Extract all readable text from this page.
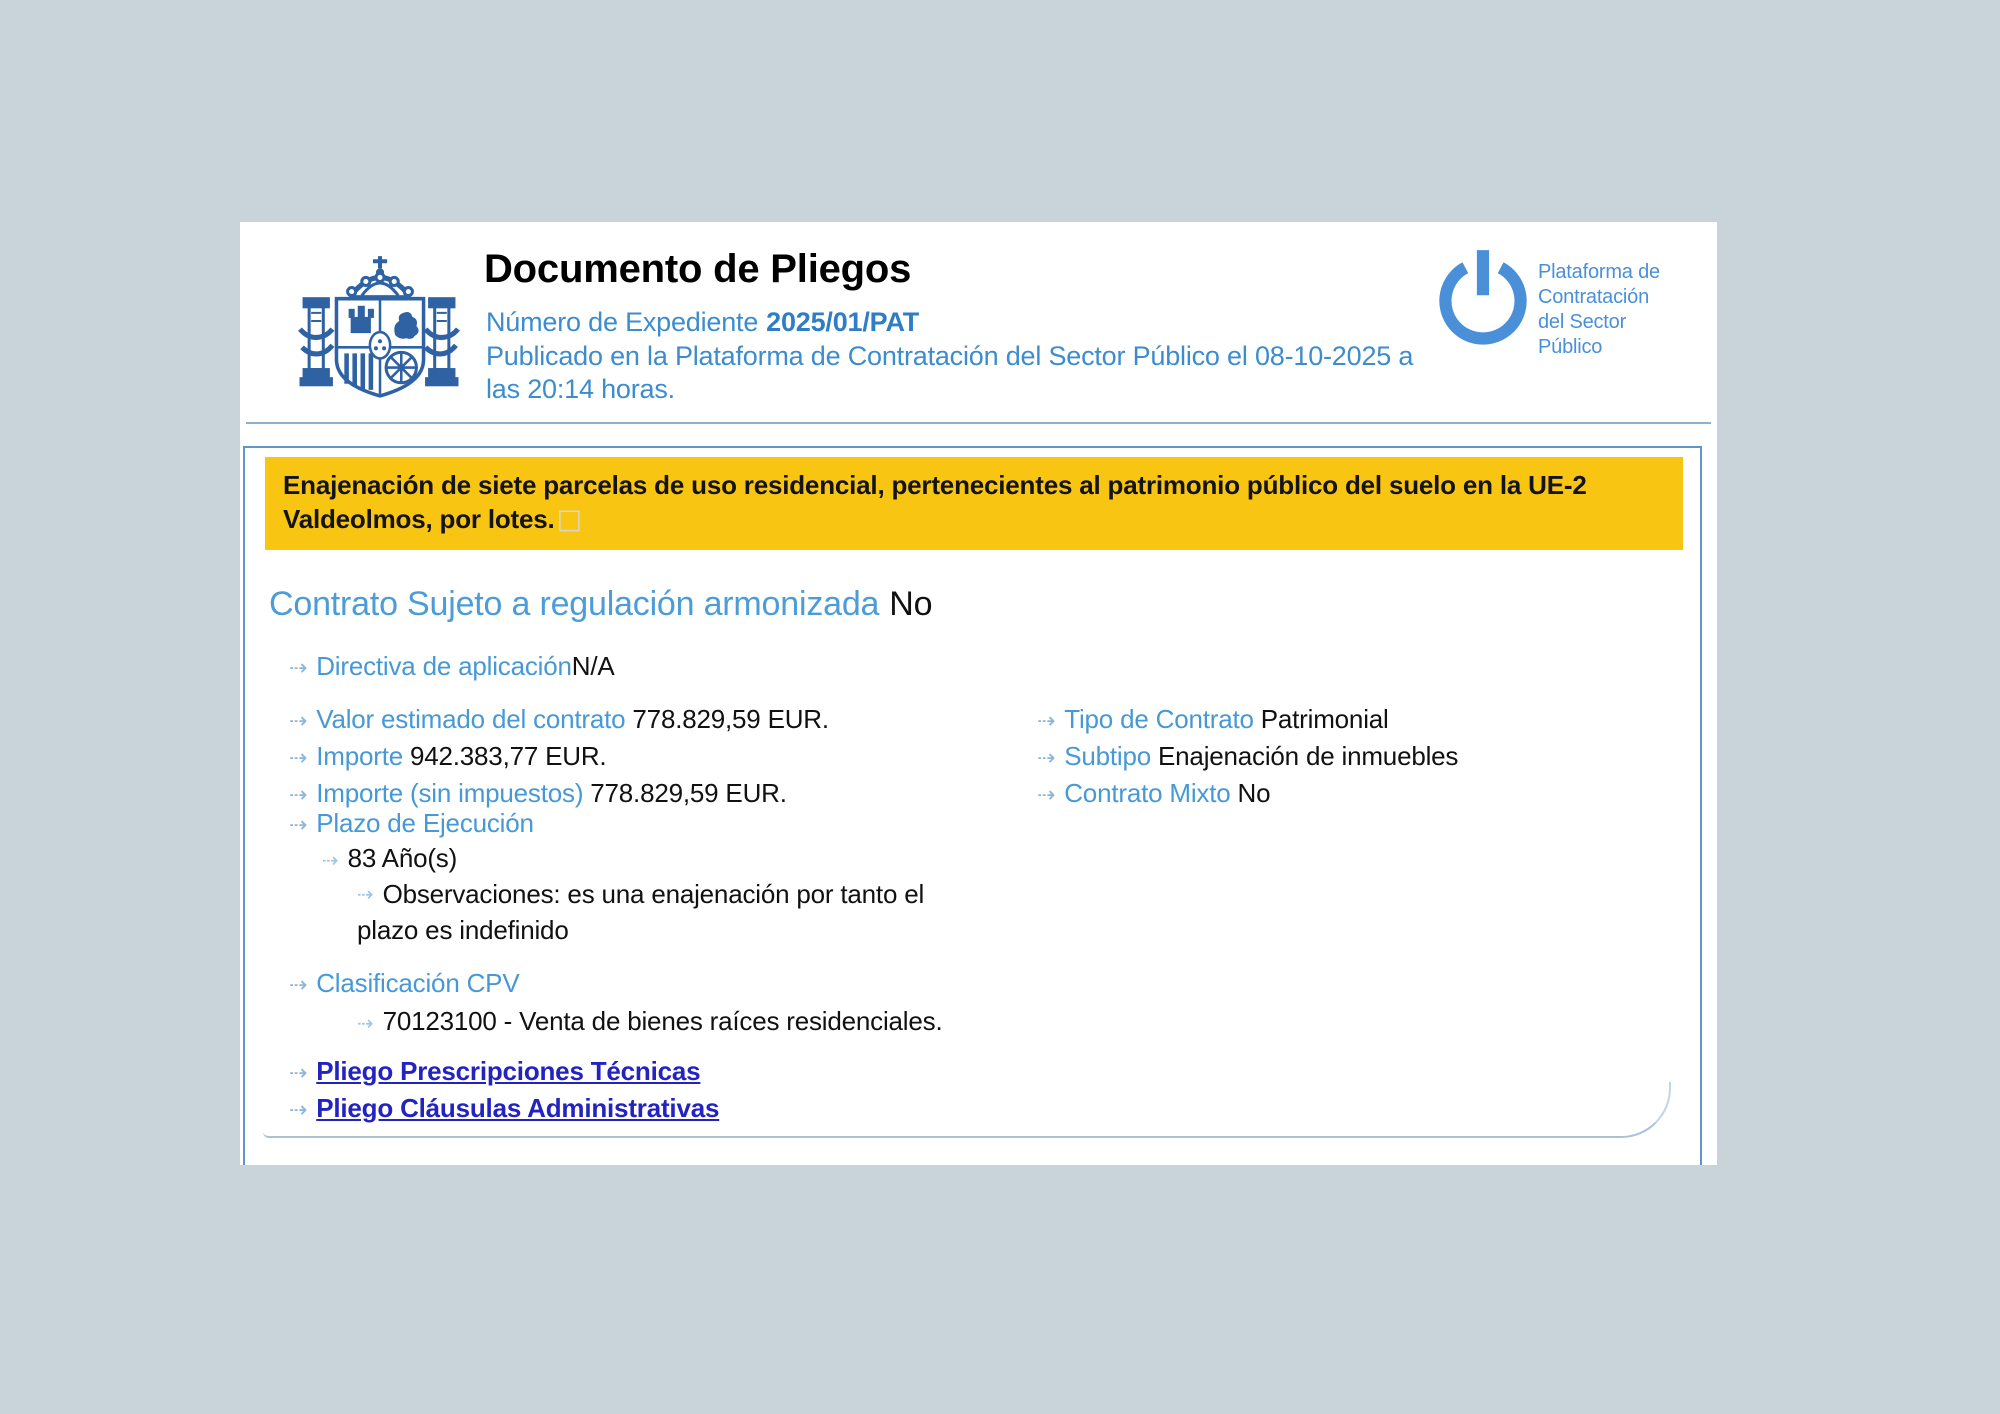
Documento de Pliegos
Número de Expediente 2025/01/PAT
Publicado en la Plataforma de Contratación del Sector Público el 08-10-2025 a las 20:14 horas.
Plataforma de
Contratación
del Sector
Público
Enajenación de siete parcelas de uso residencial, pertenecientes al patrimonio público del suelo en la UE-2 Valdeolmos, por lotes.□
Contrato Sujeto a regulación armonizada No
⇢ Directiva de aplicaciónN/A
⇢ Valor estimado del contrato 778.829,59 EUR.
⇢ Importe 942.383,77 EUR.
⇢ Importe (sin impuestos) 778.829,59 EUR.
⇢ Tipo de Contrato Patrimonial
⇢ Subtipo Enajenación de inmuebles
⇢ Contrato Mixto No
⇢ Plazo de Ejecución
⇢ 83 Año(s)
⇢ Observaciones: es una enajenación por tanto el plazo es indefinido
⇢ Clasificación CPV
⇢ 70123100 - Venta de bienes raíces residenciales.
⇢ Pliego Prescripciones Técnicas
⇢ Pliego Cláusulas Administrativas
